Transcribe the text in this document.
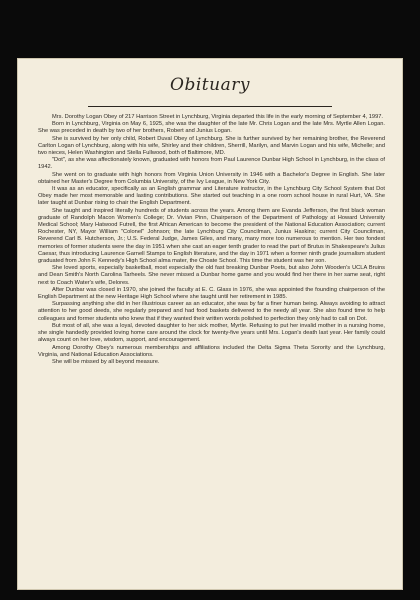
Obituary

Mrs. Dorothy Logan Obey of 217 Harrison Street in Lynchburg, Virginia departed this life in the early morning of September 4, 1997.

Born in Lynchburg, Virginia on May 6, 1925, she was the daughter of the late Mr. Chris Logan and the late Mrs. Myrtle Allen Logan. She was preceded in death by two of her brothers, Robert and Junius Logan.

She is survived by her only child, Robert Duval Obey of Lynchburg. She is further survived by her remaining brother, the Reverend Carlton Logan of Lynchburg, along with his wife, Shirley and their children, Sherrill, Marilyn, and Marvin Logan and his wife, Michelle; and two nieces, Helen Washington and Stella Fullwood, both of Baltimore, MD.

"Dot", as she was affectionately known, graduated with honors from Paul Laurence Dunbar High School in Lynchburg, in the class of 1942.

She went on to graduate with high honors from Virginia Union University in 1946 with a Bachelor's Degree in English. She later obtained her Master's Degree from Columbia University, of the Ivy League, in New York City.

It was as an educator, specifically as an English grammar and Literature instructor, in the Lynchburg City School System that Dot Obey made her most memorable and lasting contributions. She started out teaching in a one room school house in rural Hurt, VA. She later taught at Dunbar rising to chair the English Department.

She taught and inspired literally hundreds of students across the years. Among them are Evanda Jefferson, the first black woman graduate of Randolph Macon Women's College; Dr. Vivian Pinn, Chairperson of the Department of Pathology at Howard University Medical School; Mary Hatwood Futrell, the first African American to become the president of the National Education Association; current Rochester, NY, Mayor William "Colonel" Johnson; the late Lynchburg City Councilman, Junius Haskins; current City Councilman, Reverend Carl B. Hutcherson, Jr.; U.S. Federal Judge, James Giles, and many, many more too numerous to mention. Her two fondest memories of former students were the day in 1951 when she cast an eager tenth grader to read the part of Brutus in Shakespeare's Julius Caesar, thus introducing Laurence Garnell Stamps to English literature, and the day in 1971 when a former ninth grade journalism student graduated from John F. Kennedy's High School alma mater, the Choate School. This time the student was her son.

She loved sports, especially basketball, most especially the old fast breaking Dunbar Poets, but also John Wooden's UCLA Bruins and Dean Smith's North Carolina Tarheels. She never missed a Dunbar home game and you would find her there in her same seat, right next to Coach Water's wife, Delores.

After Dunbar was closed in 1970, she joined the faculty at E. C. Glass in 1976, she was appointed the founding chairperson of the English Department at the new Heritage High School where she taught until her retirement in 1985.

Surpassing anything she did in her illustrious career as an educator, she was by far a finer human being. Always avoiding to attract attention to her good deeds, she regularly prepared and had food baskets delivered to the needy all year. She also found time to help colleagues and former students who knew that if they wanted their written words polished to perfection they only had to call on Dot.

But most of all, she was a loyal, devoted daughter to her sick mother, Myrtle. Refusing to put her invalid mother in a nursing home, she single handedly provided loving home care around the clock for twenty-five years until Mrs. Logan's death last year. Her family could always count on her love, wisdom, support, and encouragement.

Among Dorothy Obey's numerous memberships and affiliations included the Delta Sigma Theta Sorority and the Lynchburg, Virginia, and National Education Associations.

She will be missed by all beyond measure.
